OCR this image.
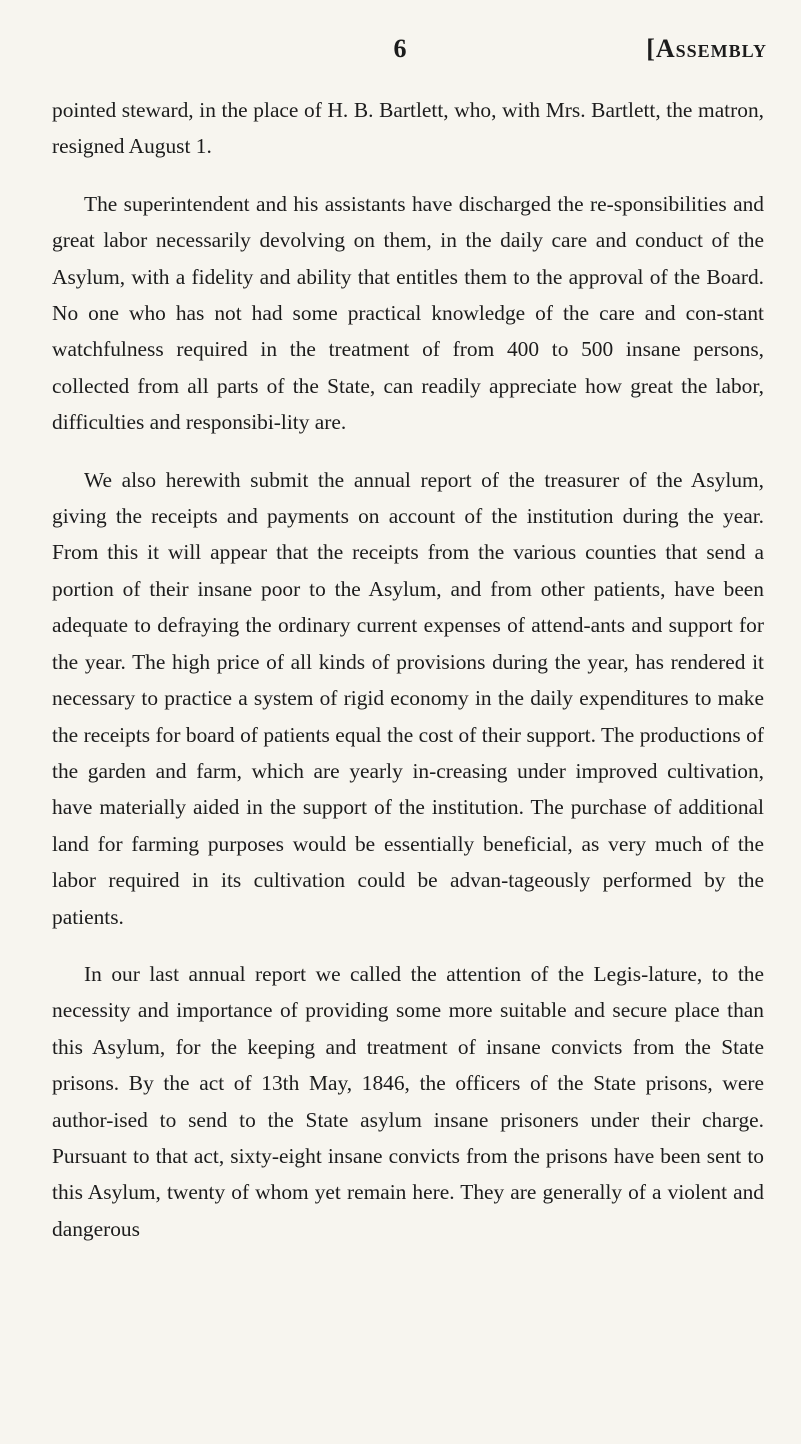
6	[Assembly

pointed steward, in the place of H. B. Bartlett, who, with Mrs. Bartlett, the matron, resigned August 1.

The superintendent and his assistants have discharged the re-sponsibilities and great labor necessarily devolving on them, in the daily care and conduct of the Asylum, with a fidelity and ability that entitles them to the approval of the Board. No one who has not had some practical knowledge of the care and con-stant watchfulness required in the treatment of from 400 to 500 insane persons, collected from all parts of the State, can readily appreciate how great the labor, difficulties and responsibi-lity are.

We also herewith submit the annual report of the treasurer of the Asylum, giving the receipts and payments on account of the institution during the year. From this it will appear that the receipts from the various counties that send a portion of their insane poor to the Asylum, and from other patients, have been adequate to defraying the ordinary current expenses of attend-ants and support for the year. The high price of all kinds of provisions during the year, has rendered it necessary to practice a system of rigid economy in the daily expenditures to make the receipts for board of patients equal the cost of their support. The productions of the garden and farm, which are yearly in-creasing under improved cultivation, have materially aided in the support of the institution. The purchase of additional land for farming purposes would be essentially beneficial, as very much of the labor required in its cultivation could be advan-tageously performed by the patients.

In our last annual report we called the attention of the Legis-lature, to the necessity and importance of providing some more suitable and secure place than this Asylum, for the keeping and treatment of insane convicts from the State prisons. By the act of 13th May, 1846, the officers of the State prisons, were author-ised to send to the State asylum insane prisoners under their charge. Pursuant to that act, sixty-eight insane convicts from the prisons have been sent to this Asylum, twenty of whom yet remain here. They are generally of a violent and dangerous
